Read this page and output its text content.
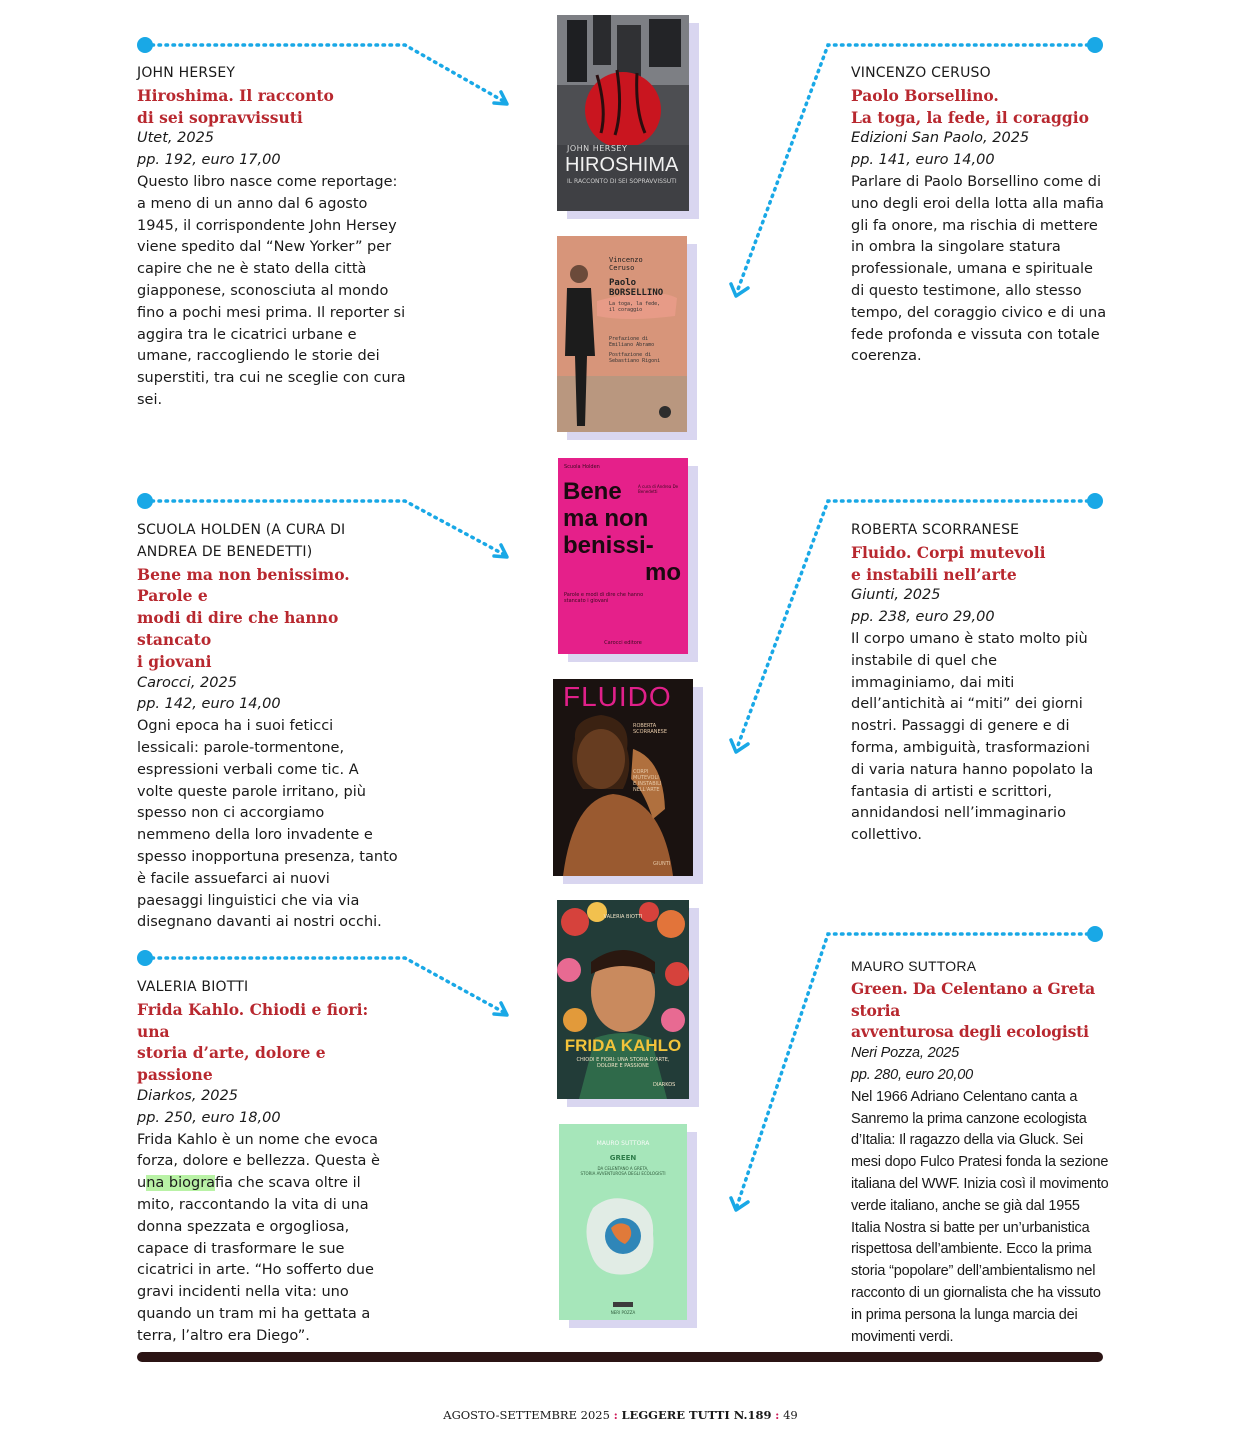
JOHN HERSEY
Hiroshima. Il racconto
di sei sopravvissuti
Utet, 2025
pp. 192, euro 17,00

Questo libro nasce come reportage: a meno di un anno dal 6 agosto 1945, il corrispondente John Hersey viene spedito dal “New Yorker” per capire che ne è stato della città giapponese, sconosciuta al mondo fino a pochi mesi prima. Il reporter si aggira tra le cicatrici urbane e umane, raccogliendo le storie dei superstiti, tra cui ne sceglie con cura sei.

VINCENZO CERUSO
Paolo Borsellino.
La toga, la fede, il coraggio
Edizioni San Paolo, 2025
pp. 141, euro 14,00

Parlare di Paolo Borsellino come di uno degli eroi della lotta alla mafia gli fa onore, ma rischia di mettere in ombra la singolare statura professionale, umana e spirituale di questo testimone, allo stesso tempo, del coraggio civico e di una fede profonda e vissuta con totale coerenza.

SCUOLA HOLDEN (A CURA DI ANDREA DE BENEDETTI)
Bene ma non benissimo. Parole e
modi di dire che hanno stancato
i giovani
Carocci, 2025
pp. 142, euro 14,00

Ogni epoca ha i suoi feticci lessicali: parole-tormentone, espressioni verbali come tic. A volte queste parole irritano, più spesso non ci accorgiamo nemmeno della loro invadente e spesso inopportuna presenza, tanto è facile assuefarci ai nuovi paesaggi linguistici che via via disegnano davanti ai nostri occhi.

ROBERTA SCORRANESE
Fluido. Corpi mutevoli
e instabili nell’arte
Giunti, 2025
pp. 238, euro 29,00

Il corpo umano è stato molto più instabile di quel che immaginiamo, dai miti dell’antichità ai “miti” dei giorni nostri. Passaggi di genere e di forma, ambiguità, trasformazioni di varia natura hanno popolato la fantasia di artisti e scrittori, annidandosi nell’immaginario collettivo.

VALERIA BIOTTI
Frida Kahlo. Chiodi e fiori: una
storia d’arte, dolore e passione
Diarkos, 2025
pp. 250, euro 18,00

Frida Kahlo è un nome che evoca forza, dolore e bellezza. Questa è una biografia che scava oltre il mito, raccontando la vita di una donna spezzata e orgogliosa, capace di trasformare le sue cicatrici in arte. “Ho sofferto due gravi incidenti nella vita: uno quando un tram mi ha gettata a terra, l’altro era Diego”.

MAURO SUTTORA
Green. Da Celentano a Greta storia
avventurosa degli ecologisti
Neri Pozza, 2025
pp. 280, euro 20,00

Nel 1966 Adriano Celentano canta a Sanremo la prima canzone ecologista d’Italia: Il ragazzo della via Gluck. Sei mesi dopo Fulco Pratesi fonda la sezione italiana del WWF. Inizia così il movimento verde italiano, anche se già dal 1955 Italia Nostra si batte per un’urbanistica rispettosa dell’ambiente. Ecco la prima storia “popolare” dell’ambientalismo nel racconto di un giornalista che ha vissuto in prima persona la lunga marcia dei movimenti verdi.

JOHN HERSEY
HIROSHIMA
IL RACCONTO DI SEI SOPRAVVISSUTI
Vincenzo
Ceruso
Paolo
BORSELLINO
La toga, la fede,
il coraggio
Prefazione di
Emiliano Abramo
Postfazione di
Sebastiano Rigoni
Scuola Holden
Bene
ma non
benissi-
mo
A cura di Andrea De Benedetti
Parole e modi di dire che hanno stancato i giovani
Carocci editore
FLUIDO
ROBERTA
SCORRANESE
CORPI
MUTEVOLI
E INSTABILI
NELL'ARTE
GIUNTI
VALERIA BIOTTI
FRIDA KAHLO
CHIODI E FIORI: UNA STORIA D'ARTE,
DOLORE E PASSIONE
DIARKOS
MAURO SUTTORA
GREEN
DA CELENTANO A GRETA,
STORIA AVVENTUROSA DEGLI ECOLOGISTI
NERI POZZA
AGOSTO-SETTEMBRE 2025 : LEGGERE TUTTI N.189 : 49
